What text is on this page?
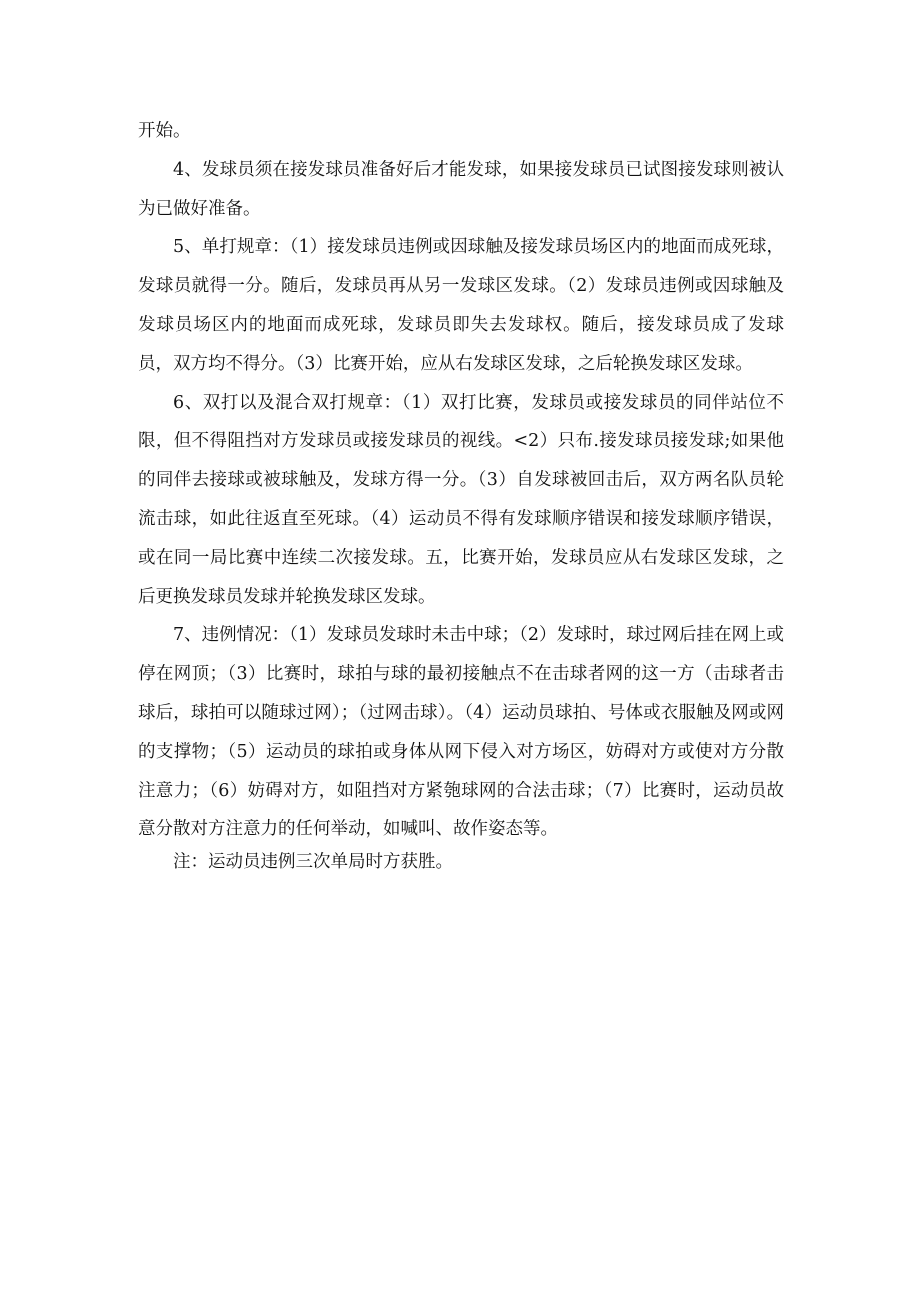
开始。

4、发球员须在接发球员准备好后才能发球，如果接发球员已试图接发球则被认为已做好准备。

5、单打规章：（1）接发球员违例或因球触及接发球员场区内的地面而成死球，发球员就得一分。随后，发球员再从另一发球区发球。（2）发球员违例或因球触及发球员场区内的地面而成死球，发球员即失去发球权。随后，接发球员成了发球员，双方均不得分。（3）比赛开始，应从右发球区发球，之后轮换发球区发球。

6、双打以及混合双打规章：（1）双打比赛，发球员或接发球员的同伴站位不限，但不得阻挡对方发球员或接发球员的视线。<2）只布.接发球员接发球;如果他的同伴去接球或被球触及，发球方得一分。（3）自发球被回击后，双方两名队员轮流击球，如此往返直至死球。（4）运动员不得有发球顺序错误和接发球顺序错误，或在同一局比赛中连续二次接发球。五，比赛开始，发球员应从右发球区发球，之后更换发球员发球并轮换发球区发球。

7、违例情况：（1）发球员发球时未击中球；（2）发球时，球过网后挂在网上或停在网顶；（3）比赛时，球拍与球的最初接触点不在击球者网的这一方（击球者击球后，球拍可以随球过网）；（过网击球）。（4）运动员球拍、号体或衣服触及网或网的支撑物；（5）运动员的球拍或身体从网下侵入对方场区，妨碍对方或使对方分散注意力；（6）妨碍对方，如阻挡对方紧匏球网的合法击球；（7）比赛时，运动员故意分散对方注意力的任何举动，如喊叫、故作姿态等。

注：运动员违例三次单局时方获胜。
